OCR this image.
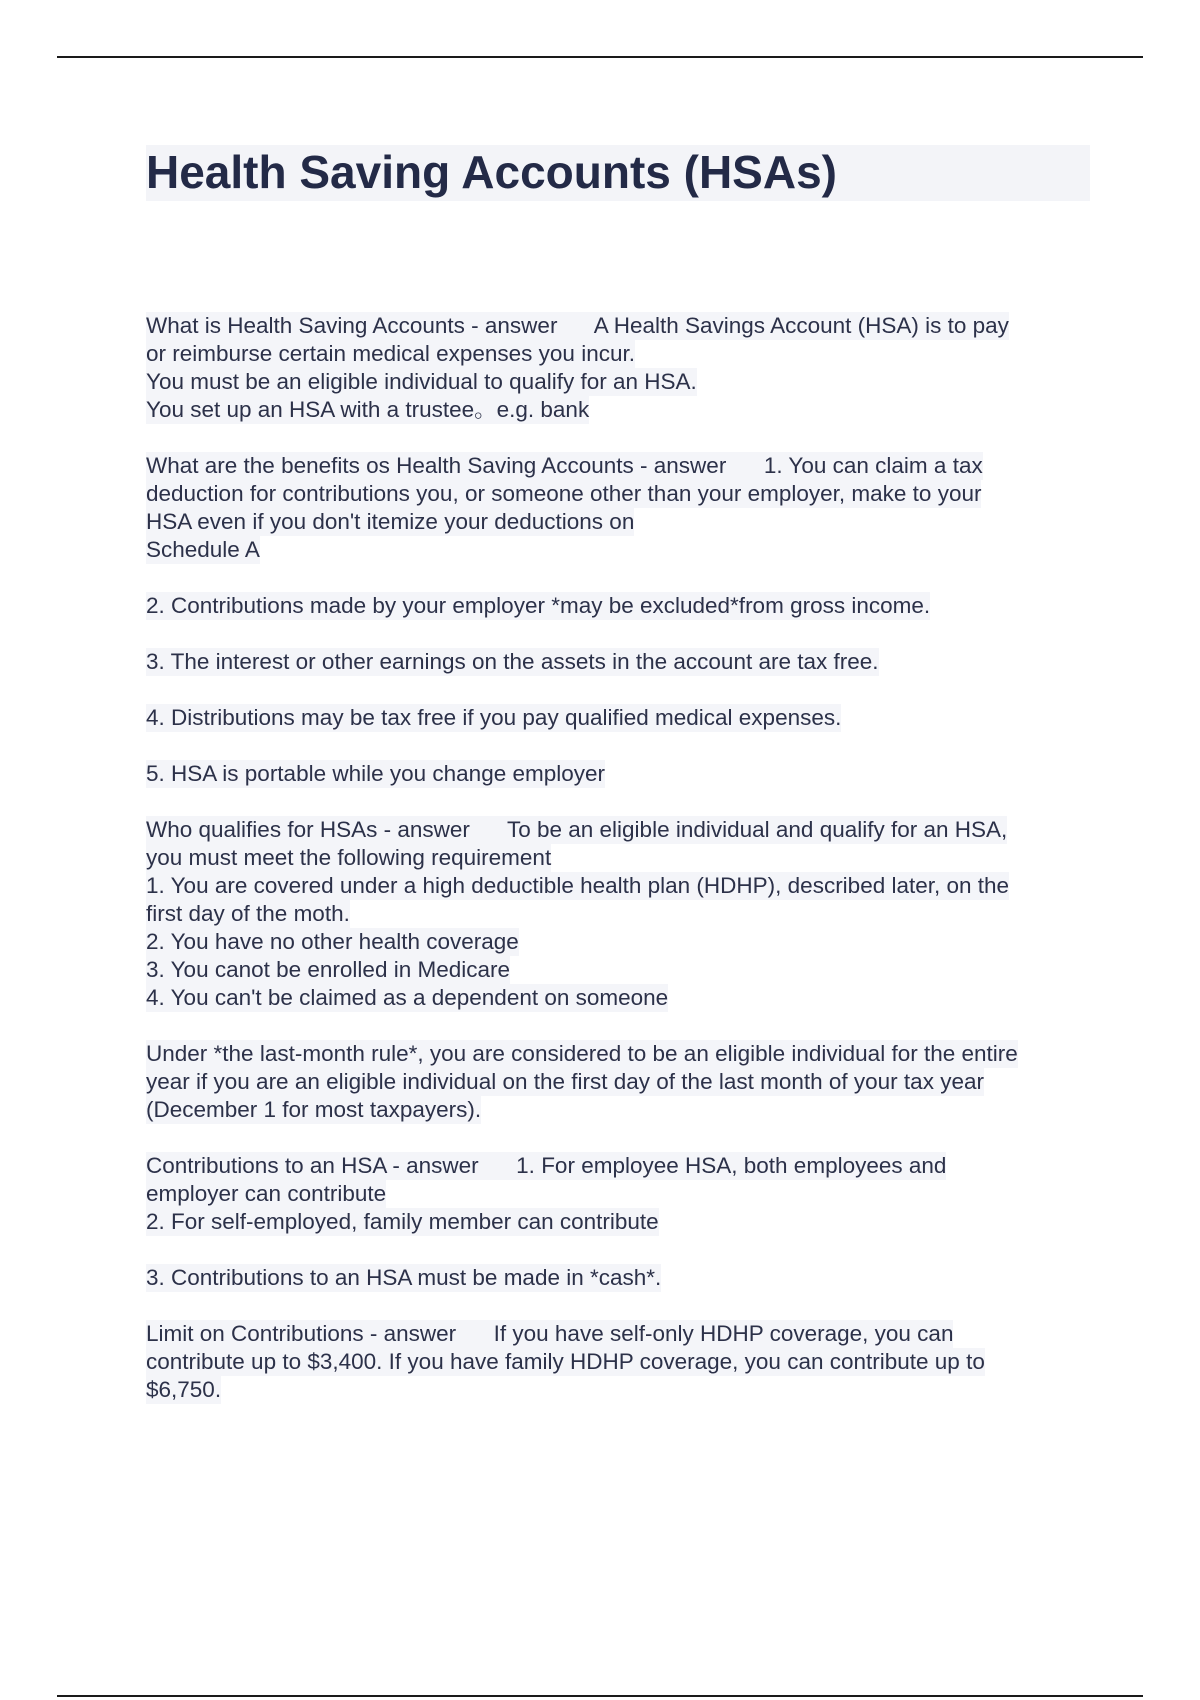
Health Saving Accounts (HSAs)
What is Health Saving Accounts - answer      A Health Savings Account (HSA) is to pay
or reimburse certain medical expenses you incur.
You must be an eligible individual to qualify for an HSA.
You set up an HSA with a trustee。e.g. bank
What are the benefits os Health Saving Accounts - answer      1. You can claim a tax
deduction for contributions you, or someone other than your employer, make to your
HSA even if you don't itemize your deductions on
Schedule A
2. Contributions made by your employer *may be excluded*from gross income.
3. The interest or other earnings on the assets in the account are tax free.
4. Distributions may be tax free if you pay qualified medical expenses.
5. HSA is portable while you change employer
Who qualifies for HSAs - answer      To be an eligible individual and qualify for an HSA,
you must meet the following requirement
1. You are covered under a high deductible health plan (HDHP), described later, on the
first day of the moth.
2. You have no other health coverage
3. You canot be enrolled in Medicare
4. You can't be claimed as a dependent on someone
Under *the last-month rule*, you are considered to be an eligible individual for the entire
year if you are an eligible individual on the first day of the last month of your tax year
(December 1 for most taxpayers).
Contributions to an HSA - answer      1. For employee HSA, both employees and
employer can contribute
2. For self-employed, family member can contribute
3. Contributions to an HSA must be made in *cash*.
Limit on Contributions - answer      If you have self-only HDHP coverage, you can
contribute up to $3,400. If you have family HDHP coverage, you can contribute up to
$6,750.
